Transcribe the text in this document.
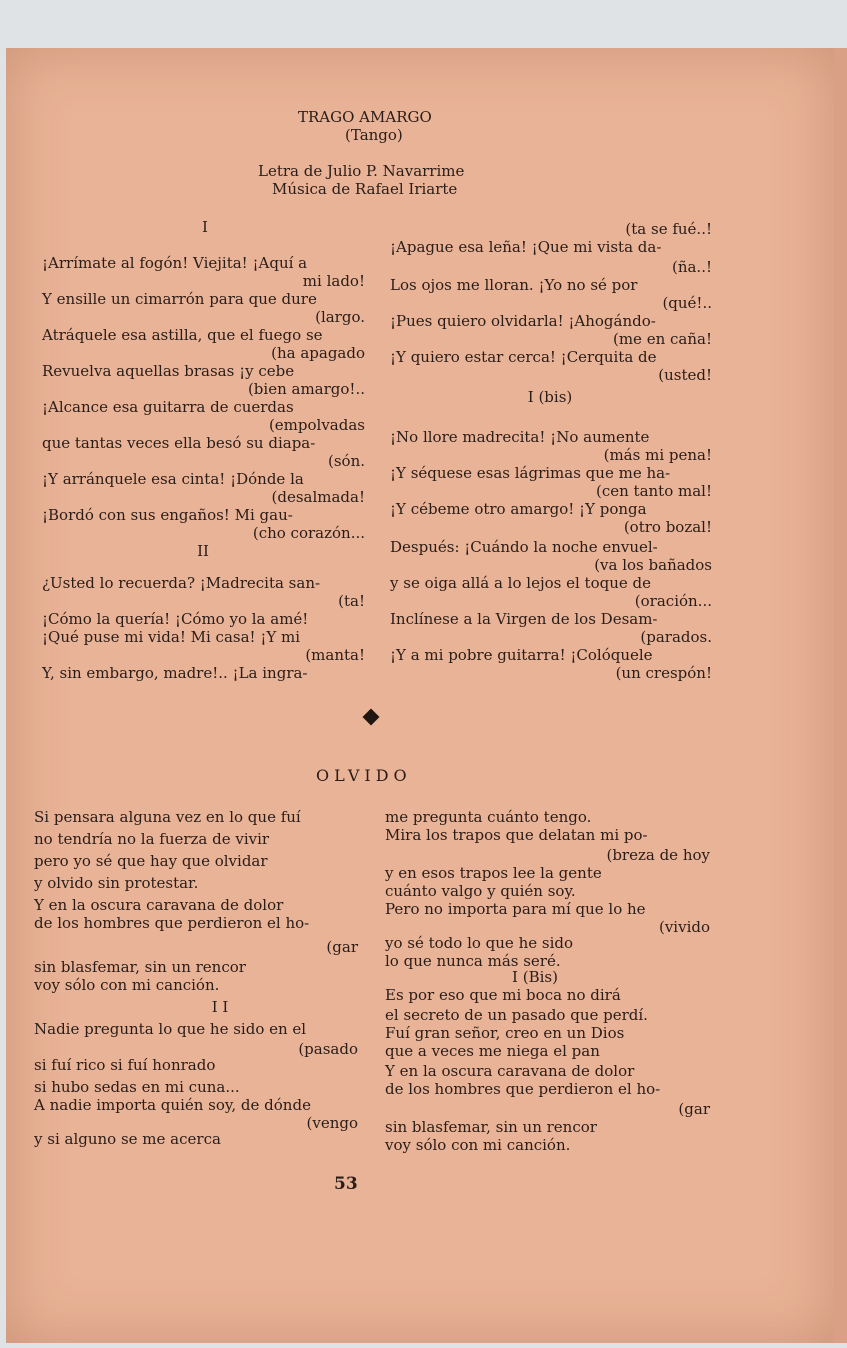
TRAGO AMARGO
(Tango)
Letra de Julio P. Navarrime
Música de Rafael Iriarte

I

¡Arrímate al fogón! Viejita! ¡Aquí a

mi lado!

Y ensille un cimarrón para que dure

(largo.

Atráquele esa astilla, que el fuego se

(ha apagado

Revuelva aquellas brasas ¡y cebe

(bien amargo!..

¡Alcance esa guitarra de cuerdas

(empolvadas

que tantas veces ella besó su diapa-

(són.

¡Y arránquele esa cinta! ¡Dónde la

(desalmada!

¡Bordó con sus engaños! Mi gau-

(cho corazón...

II

¿Usted lo recuerda? ¡Madrecita san-

(ta!

¡Cómo la quería! ¡Cómo yo la amé!

¡Qué puse mi vida! Mi casa! ¡Y mi

(manta!

Y, sin embargo, madre!.. ¡La ingra-

(ta se fué..!

¡Apague esa leña! ¡Que mi vista da-

(ña..!

Los ojos me lloran. ¡Yo no sé por

(qué!..

¡Pues quiero olvidarla! ¡Ahogándo-

(me en caña!

¡Y quiero estar cerca! ¡Cerquita de

(usted!

I (bis)

¡No llore madrecita! ¡No aumente

(más mi pena!

¡Y séquese esas lágrimas que me ha-

(cen tanto mal!

¡Y cébeme otro amargo! ¡Y ponga

(otro bozal!

Después: ¡Cuándo la noche envuel-

(va los bañados

y se oiga allá a lo lejos el toque de

(oración...

Inclínese a la Virgen de los Desam-

(parados.

¡Y a mi pobre guitarra! ¡Colóquele

(un crespón!

OLVIDO

Si pensara alguna vez en lo que fuí

no tendría no la fuerza de vivir

pero yo sé que hay que olvidar

y olvido sin protestar.

Y en la oscura caravana de dolor

de los hombres que perdieron el ho-

(gar

sin blasfemar, sin un rencor

voy sólo con mi canción.

I I

Nadie pregunta lo que he sido en el

(pasado

si fuí rico si fuí honrado

si hubo sedas en mi cuna...

A nadie importa quién soy, de dónde

(vengo

y si alguno se me acerca

me pregunta cuánto tengo.

Mira los trapos que delatan mi po-

(breza de hoy

y en esos trapos lee la gente

cuánto valgo y quién soy.

Pero no importa para mí que lo he

(vivido

yo sé todo lo que he sido

lo que nunca más seré.

I (Bis)

Es por eso que mi boca no dirá

el secreto de un pasado que perdí.

Fuí gran señor, creo en un Dios

que a veces me niega el pan

Y en la oscura caravana de dolor

de los hombres que perdieron el ho-

(gar

sin blasfemar, sin un rencor

voy sólo con mi canción.

53
